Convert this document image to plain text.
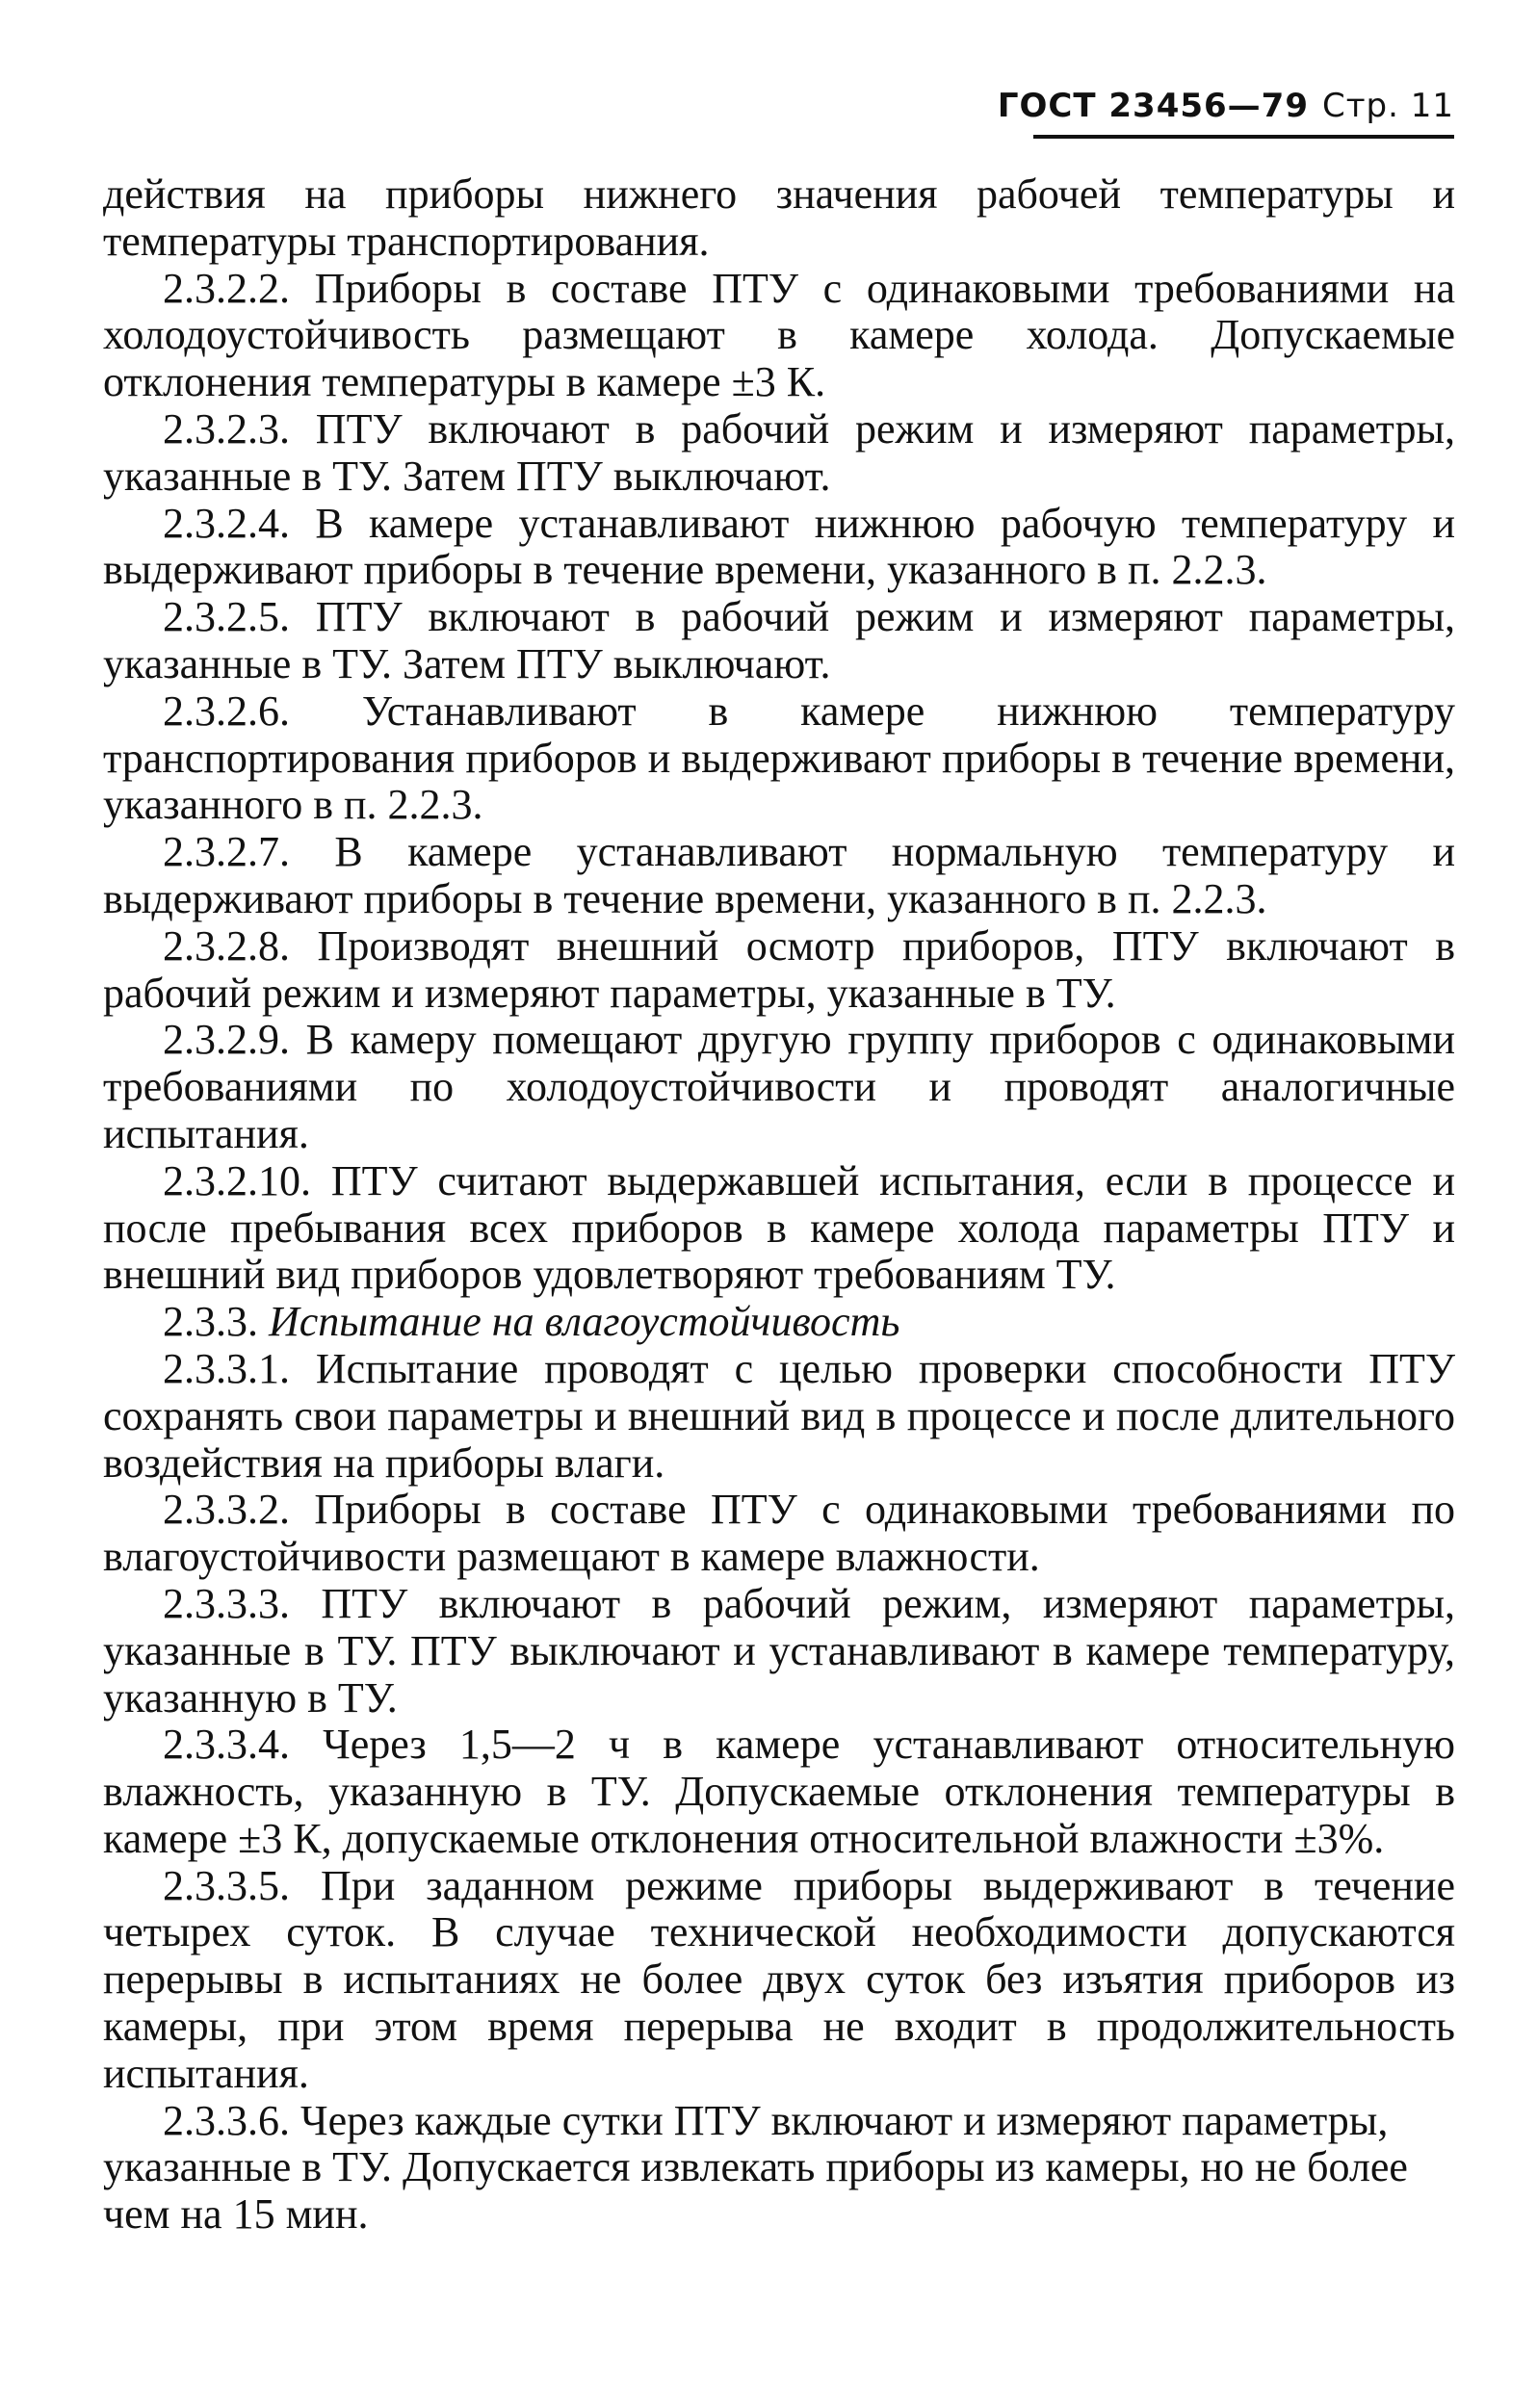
ГОСТ 23456—79 Стр. 11

действия на приборы нижнего значения рабочей температуры и температуры транспортирования.

2.3.2.2. Приборы в составе ПТУ с одинаковыми требованиями на холодоустойчивость размещают в камере холода. Допускаемые отклонения температуры в камере ±3 К.

2.3.2.3. ПТУ включают в рабочий режим и измеряют параметры, указанные в ТУ. Затем ПТУ выключают.

2.3.2.4. В камере устанавливают нижнюю рабочую температуру и выдерживают приборы в течение времени, указанного в п. 2.2.3.

2.3.2.5. ПТУ включают в рабочий режим и измеряют параметры, указанные в ТУ. Затем ПТУ выключают.

2.3.2.6. Устанавливают в камере нижнюю температуру транспортирования приборов и выдерживают приборы в течение времени, указанного в п. 2.2.3.

2.3.2.7. В камере устанавливают нормальную температуру и выдерживают приборы в течение времени, указанного в п. 2.2.3.

2.3.2.8. Производят внешний осмотр приборов, ПТУ включают в рабочий режим и измеряют параметры, указанные в ТУ.

2.3.2.9. В камеру помещают другую группу приборов с одинаковыми требованиями по холодоустойчивости и проводят аналогичные испытания.

2.3.2.10. ПТУ считают выдержавшей испытания, если в процессе и после пребывания всех приборов в камере холода параметры ПТУ и внешний вид приборов удовлетворяют требованиям ТУ.

2.3.3. Испытание на влагоустойчивость

2.3.3.1. Испытание проводят с целью проверки способности ПТУ сохранять свои параметры и внешний вид в процессе и после длительного воздействия на приборы влаги.

2.3.3.2. Приборы в составе ПТУ с одинаковыми требованиями по влагоустойчивости размещают в камере влажности.

2.3.3.3. ПТУ включают в рабочий режим, измеряют параметры, указанные в ТУ. ПТУ выключают и устанавливают в камере температуру, указанную в ТУ.

2.3.3.4. Через 1,5—2 ч в камере устанавливают относительную влажность, указанную в ТУ. Допускаемые отклонения температуры в камере ±3 К, допускаемые отклонения относительной влажности ±3%.

2.3.3.5. При заданном режиме приборы выдерживают в течение четырех суток. В случае технической необходимости допускаются перерывы в испытаниях не более двух суток без изъятия приборов из камеры, при этом время перерыва не входит в продолжительность испытания.

2.3.3.6. Через каждые сутки ПТУ включают и измеряют параметры, указанные в ТУ. Допускается извлекать приборы из камеры, но не более чем на 15 мин.
